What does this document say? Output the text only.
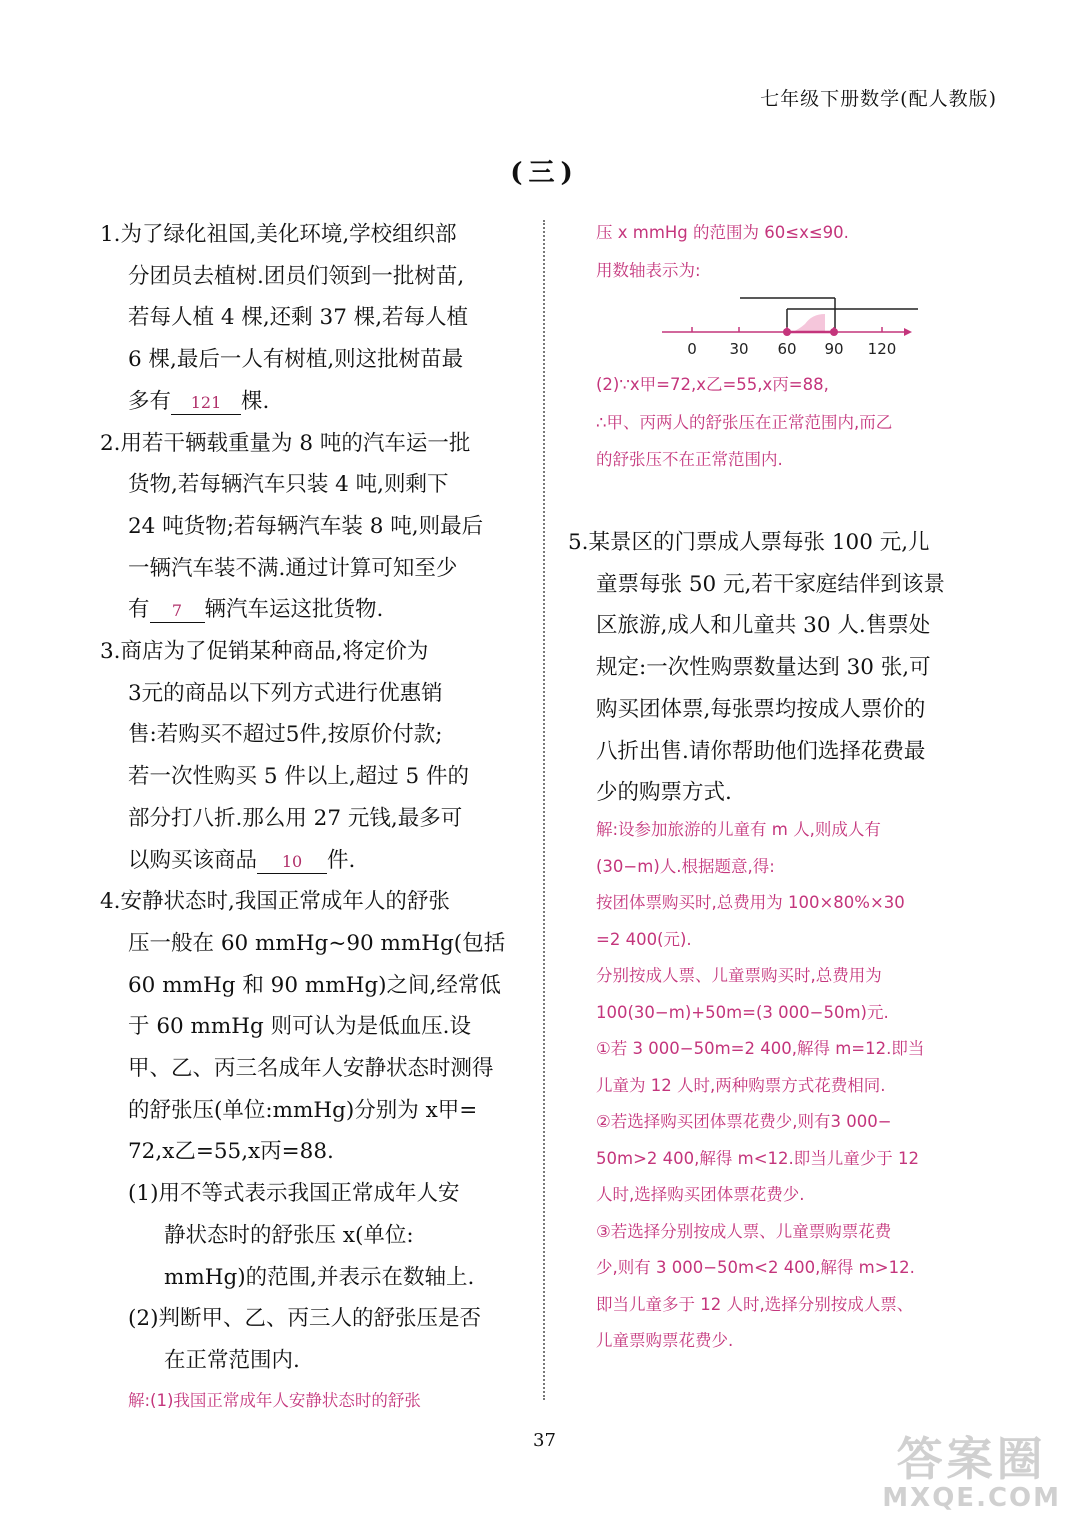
七年级下册数学(配人教版)
(三)
1.为了绿化祖国,美化环境,学校组织部
分团员去植树.团员们领到一批树苗,
若每人植 4 棵,还剩 37 棵,若每人植
6 棵,最后一人有树植,则这批树苗最
多有 121 棵.
2.用若干辆载重量为 8 吨的汽车运一批
货物,若每辆汽车只装 4 吨,则剩下
24 吨货物;若每辆汽车装 8 吨,则最后
一辆汽车装不满.通过计算可知至少
有 7 辆汽车运这批货物.
3.商店为了促销某种商品,将定价为
3元的商品以下列方式进行优惠销
售:若购买不超过5件,按原价付款;
若一次性购买 5 件以上,超过 5 件的
部分打八折.那么用 27 元钱,最多可
以购买该商品 10 件.
4.安静状态时,我国正常成年人的舒张
压一般在 60 mmHg~90 mmHg(包括
60 mmHg 和 90 mmHg)之间,经常低
于 60 mmHg 则可认为是低血压.设
甲、乙、丙三名成年人安静状态时测得
的舒张压(单位:mmHg)分别为 x甲=
72,x乙=55,x丙=88.
(1)用不等式表示我国正常成年人安
静状态时的舒张压 x(单位:
mmHg)的范围,并表示在数轴上.
(2)判断甲、乙、丙三人的舒张压是否
在正常范围内.
解:(1)我国正常成年人安静状态时的舒张
压 x mmHg 的范围为 60≤x≤90.
用数轴表示为:
0 30 60 90 120
(2)∵x甲=72,x乙=55,x丙=88,
∴甲、丙两人的舒张压在正常范围内,而乙
的舒张压不在正常范围内.
5.某景区的门票成人票每张 100 元,儿
童票每张 50 元,若干家庭结伴到该景
区旅游,成人和儿童共 30 人.售票处
规定:一次性购票数量达到 30 张,可
购买团体票,每张票均按成人票价的
八折出售.请你帮助他们选择花费最
少的购票方式.
解:设参加旅游的儿童有 m 人,则成人有
(30−m)人.根据题意,得:
按团体票购买时,总费用为 100×80%×30
=2 400(元).
分别按成人票、儿童票购买时,总费用为
100(30−m)+50m=(3 000−50m)元.
①若 3 000−50m=2 400,解得 m=12.即当
儿童为 12 人时,两种购票方式花费相同.
②若选择购买团体票花费少,则有3 000−
50m>2 400,解得 m<12.即当儿童少于 12
人时,选择购买团体票花费少.
③若选择分别按成人票、儿童票购票花费
少,则有 3 000−50m<2 400,解得 m>12.
即当儿童多于 12 人时,选择分别按成人票、
儿童票购票花费少.
37	答案圈
MXQE.COM
